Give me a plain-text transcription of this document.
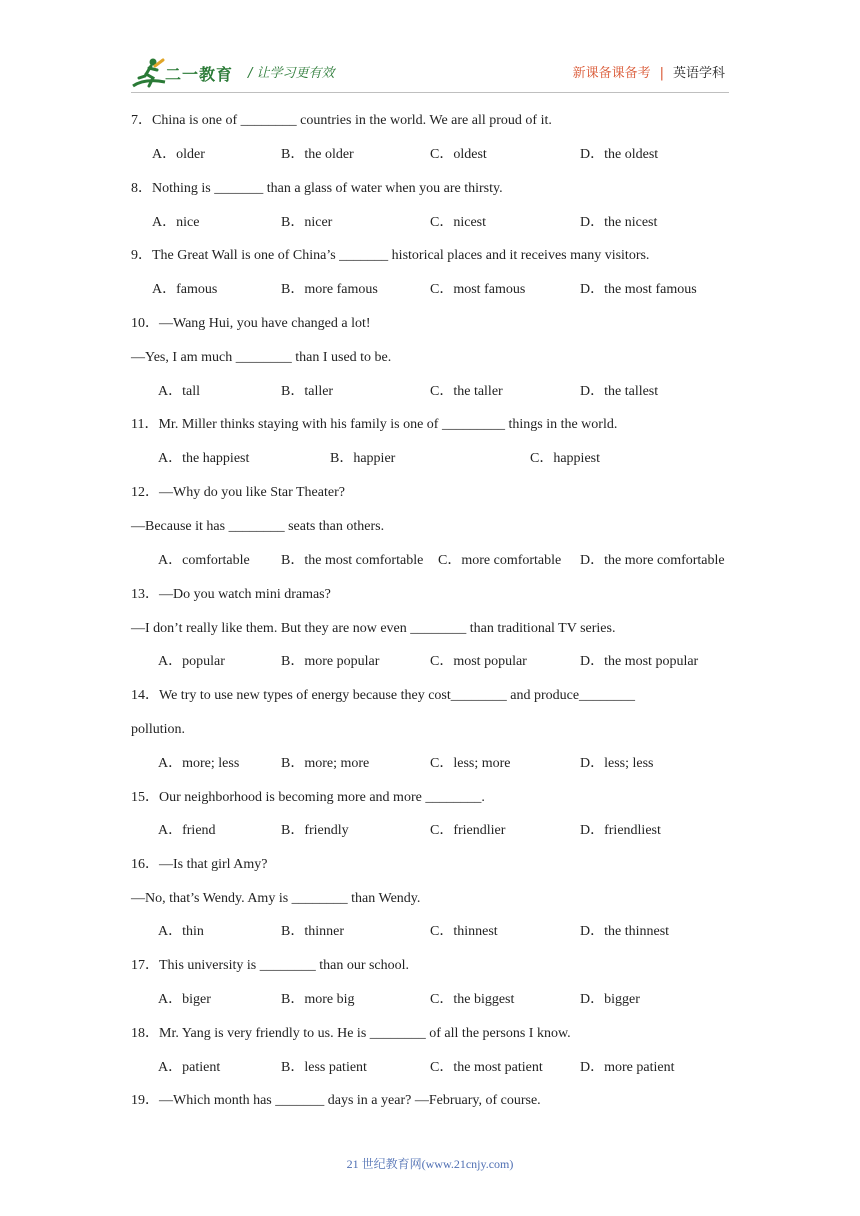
二一教育 / 让学习更有效	新课备课备考 | 英语学科
7．China is one of ________ countries in the world. We are all proud of it.
A．older	B．the older	C．oldest	D．the oldest
8．Nothing is _______ than a glass of water when you are thirsty.
A．nice	B．nicer	C．nicest	D．the nicest
9．The Great Wall is one of China’s _______ historical places and it receives many visitors.
A．famous	B．more famous	C．most famous	D．the most famous
10．—Wang Hui, you have changed a lot!
—Yes, I am much ________ than I used to be.
A．tall	B．taller	C．the taller	D．the tallest
11．Mr. Miller thinks staying with his family is one of _________ things in the world.
A．the happiest	B．happier	C．happiest
12．—Why do you like Star Theater?
—Because it has ________ seats than others.
A．comfortable B．the most comfortable C．more comfortable D．the more comfortable
13．—Do you watch mini dramas?
—I don’t really like them. But they are now even ________ than traditional TV series.
A．popular	B．more popular	C．most popular	D．the most popular
14．We try to use new types of energy because they cost________ and produce________
pollution.
A．more; less	B．more; more	C．less; more	D．less; less
15．Our neighborhood is becoming more and more ________.
A．friend	B．friendly	C．friendlier	D．friendliest
16．—Is that girl Amy?
—No, that’s Wendy. Amy is ________ than Wendy.
A．thin	B．thinner	C．thinnest	D．the thinnest
17．This university is ________ than our school.
A．biger	B．more big	C．the biggest	D．bigger
18．Mr. Yang is very friendly to us. He is ________ of all the persons I know.
A．patient	B．less patient	C．the most patient	D．more patient
19．—Which month has _______ days in a year? —February, of course.
21 世纪教育网(www.21cnjy.com)
